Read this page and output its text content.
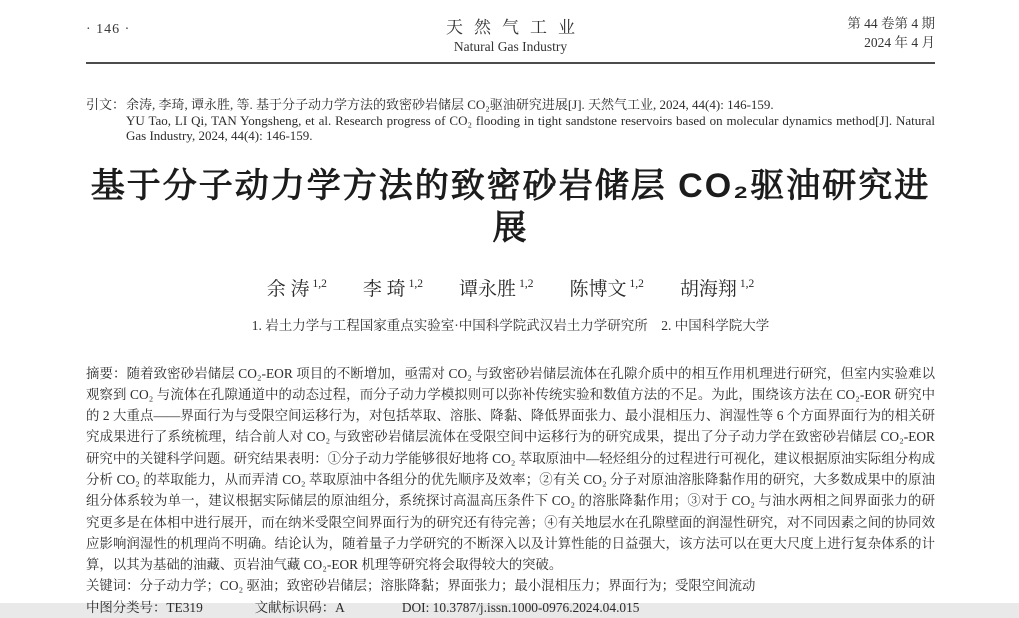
· 146 ·	天然气工业
Natural Gas Industry
第 44 卷第 4 期
2024 年 4 月
引文： 余涛, 李琦, 谭永胜, 等. 基于分子动力学方法的致密砂岩储层 CO₂驱油研究进展[J]. 天然气工业, 2024, 44(4): 146-159.
YU Tao, LI Qi, TAN Yongsheng, et al. Research progress of CO₂ flooding in tight sandstone reservoirs based on molecular dynamics method[J]. Natural Gas Industry, 2024, 44(4): 146-159.
基于分子动力学方法的致密砂岩储层 CO₂驱油研究进展
余 涛 $^{1,2}$ 李 琦 $^{1,2}$ 谭永胜 $^{1,2}$ 陈博文 $^{1,2}$ 胡海翔 $^{1,2}$
1. 岩土力学与工程国家重点实验室·中国科学院武汉岩土力学研究所　2. 中国科学院大学

摘要：随着致密砂岩储层 CO₂-EOR 项目的不断增加，亟需对 CO₂ 与致密砂岩储层流体在孔隙介质中的相互作用机理进行研究，但室内实验难以观察到 CO₂ 与流体在孔隙通道中的动态过程，而分子动力学模拟则可以弥补传统实验和数值方法的不足。为此，围绕该方法在 CO₂-EOR 研究中的 2 大重点——界面行为与受限空间运移行为，对包括萃取、溶胀、降黏、降低界面张力、最小混相压力、润湿性等 6 个方面界面行为的相关研究成果进行了系统梳理，结合前人对 CO₂ 与致密砂岩储层流体在受限空间中运移行为的研究成果，提出了分子动力学在致密砂岩储层 CO₂-EOR 研究中的关键科学问题。研究结果表明：①分子动力学能够很好地将 CO₂ 萃取原油中—轻烃组分的过程进行可视化，建议根据原油实际组分构成分析 CO₂ 的萃取能力，从而弄清 CO₂ 萃取原油中各组分的优先顺序及效率；②有关 CO₂ 分子对原油溶胀降黏作用的研究，大多数成果中的原油组分体系较为单一，建议根据实际储层的原油组分，系统探讨高温高压条件下 CO₂ 的溶胀降黏作用；③对于 CO₂ 与油水两相之间界面张力的研究更多是在体相中进行展开，而在纳米受限空间界面行为的研究还有待完善；④有关地层水在孔隙壁面的润湿性研究，对不同因素之间的协同效应影响润湿性的机理尚不明确。结论认为，随着量子力学研究的不断深入以及计算性能的日益强大，该方法可以在更大尺度上进行复杂体系的计算，以其为基础的油藏、页岩油气藏 CO₂-EOR 机理等研究将会取得较大的突破。

关键词：分子动力学；CO₂ 驱油；致密砂岩储层；溶胀降黏；界面张力；最小混相压力；界面行为；受限空间流动

中图分类号：TE319	文献标识码：A	DOI: 10.3787/j.issn.1000-0976.2024.04.015
